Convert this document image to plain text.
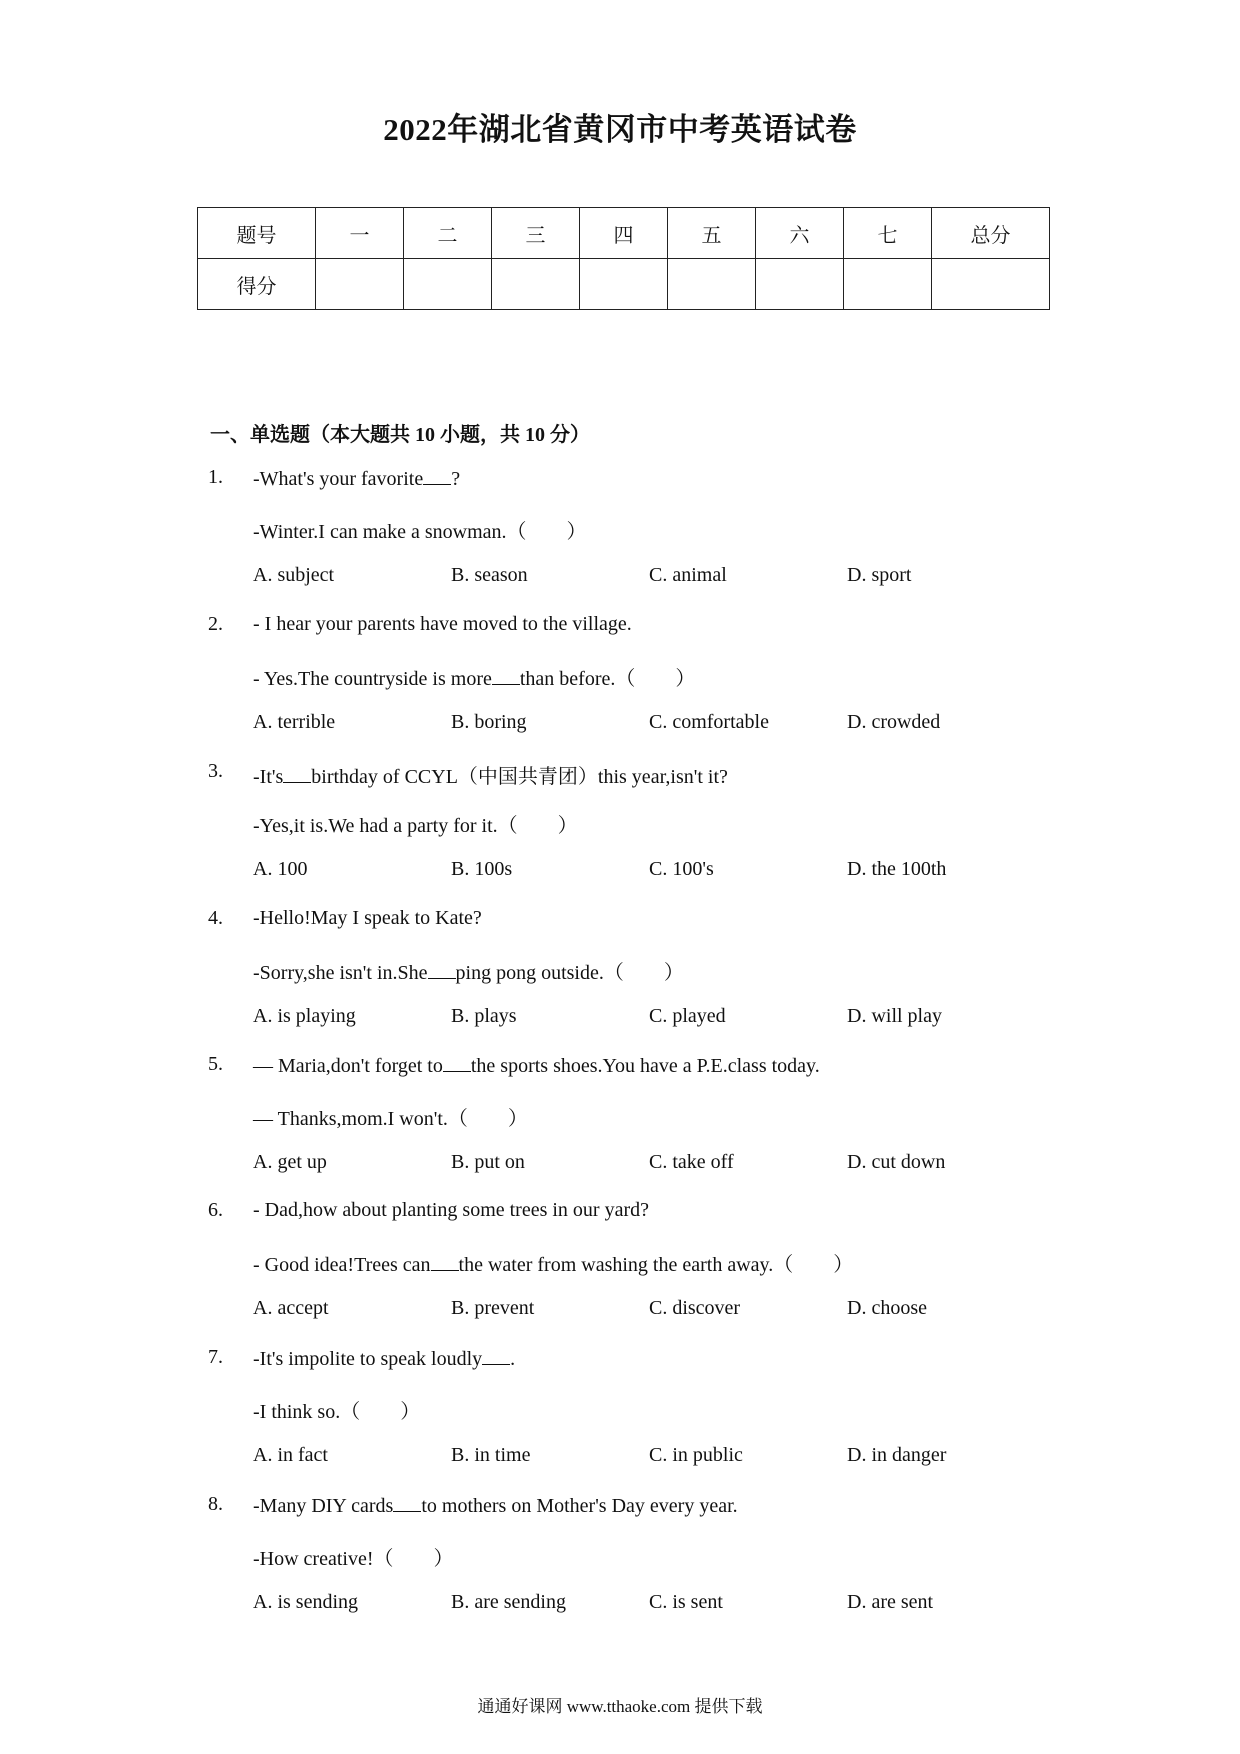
2022年湖北省黄冈市中考英语试卷
题号	一	二	三	四	五	六	七	总分
得分								
一、单选题（本大题共 10 小题，共 10 分）
1. -What's your favorite ?
-Winter.I can make a snowman.（　　）
A. subject	B. season	C. animal	D. sport
2. - I hear your parents have moved to the village.
- Yes.The countryside is more than before.（　　）
A. terrible	B. boring	C. comfortable	D. crowded
3. -It's birthday of CCYL（中国共青团）this year,isn't it?
-Yes,it is.We had a party for it.（　　）
A. 100	B. 100s	C. 100's	D. the 100th
4. -Hello!May I speak to Kate?
-Sorry,she isn't in.She ping pong outside.（　　）
A. is playing	B. plays	C. played	D. will play
5. — Maria,don't forget to the sports shoes.You have a P.E.class today.
— Thanks,mom.I won't.（　　）
A. get up	B. put on	C. take off	D. cut down
6. - Dad,how about planting some trees in our yard?
- Good idea!Trees can the water from washing the earth away.（　　）
A. accept	B. prevent	C. discover	D. choose
7. -It's impolite to speak loudly .
-I think so.（　　）
A. in fact	B. in time	C. in public	D. in danger
8. -Many DIY cards to mothers on Mother's Day every year.
-How creative!（　　）
A. is sending	B. are sending	C. is sent	D. are sent
通通好课网 www.tthaoke.com 提供下载
